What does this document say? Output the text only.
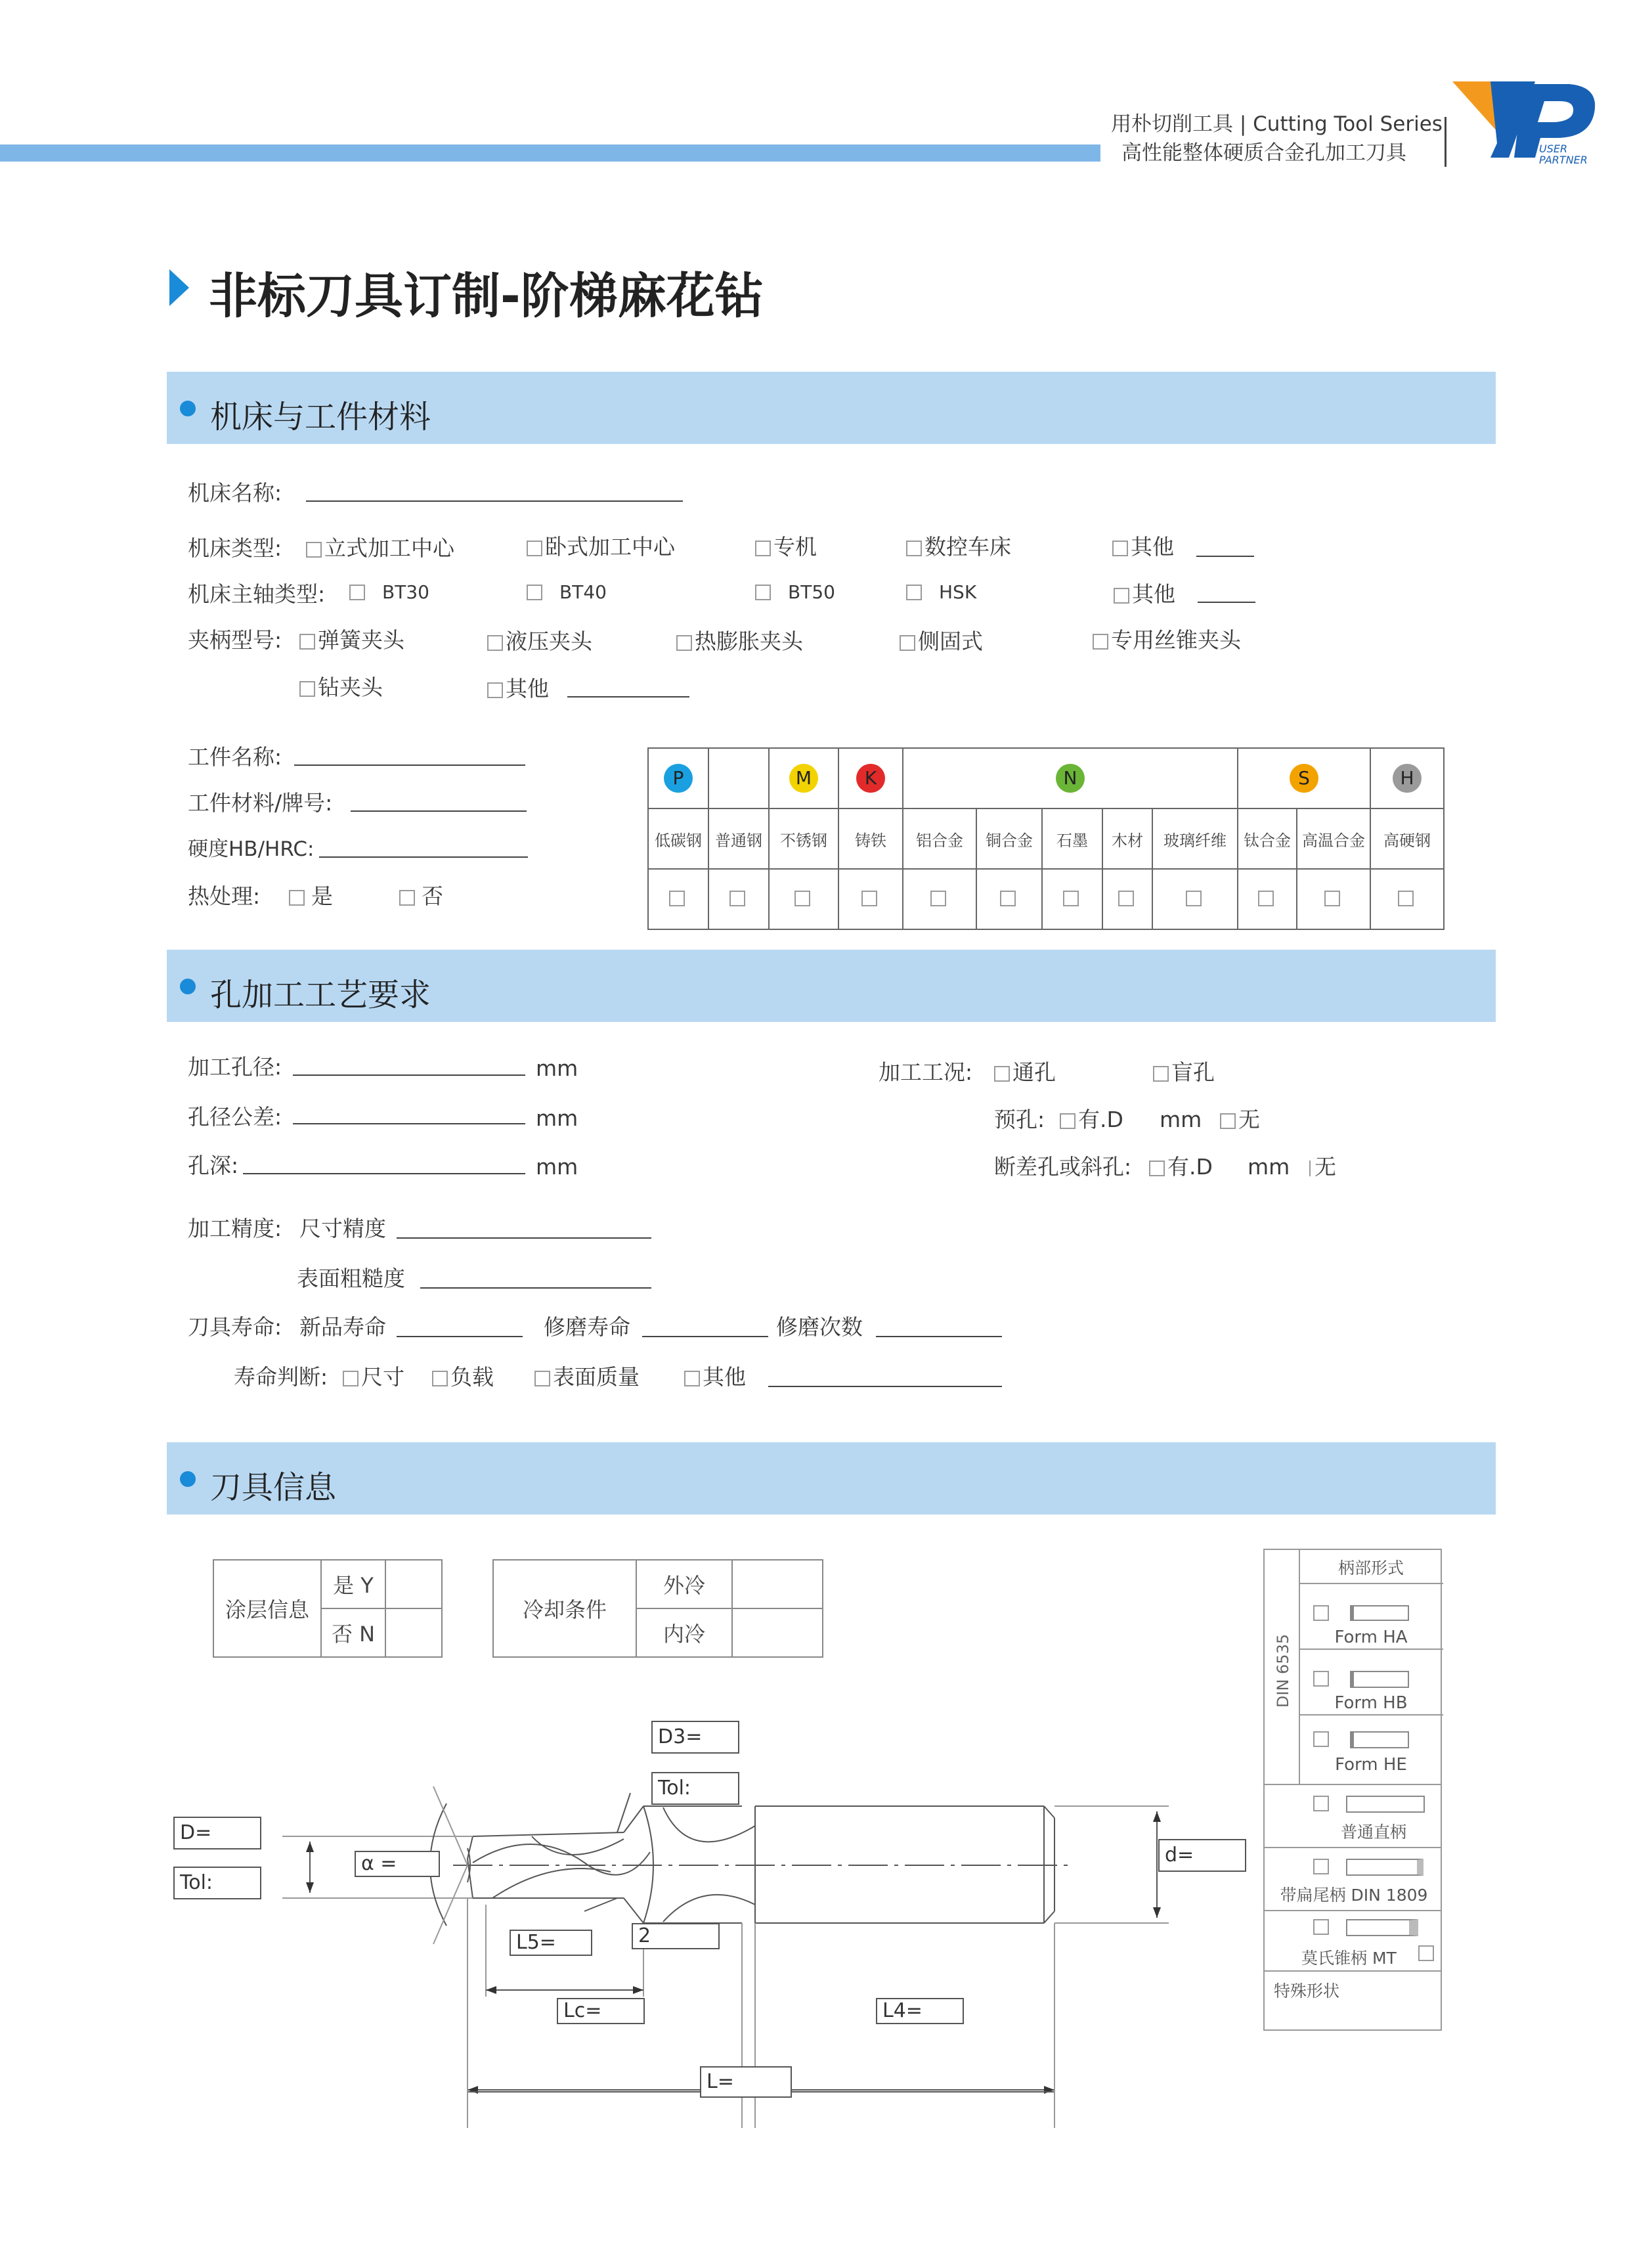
用朴切削工具 | Cutting Tool Series
高性能整体硬质合金孔加工刀具	USER PARTNER
非标刀具订制-阶梯麻花钻
机床与工件材料
机床名称:
机床类型:	立式加工中心	卧式加工中心	专机	数控车床	其他
机床主轴类型:	BT30	BT40	BT50	HSK	其他
夹柄型号:	弹簧夹头	液压夹头	热膨胀夹头	侧固式	专用丝锥夹头
钻夹头	其他
工件名称:
工件材料/牌号:
硬度HB/HRC:
热处理:	是	否
P		M	K	N					S		H
低碳钢	普通钢	不锈钢	铸铁	铝合金	铜合金	石墨	木材	玻璃纤维	钛合金	高温合金	高硬钢

孔加工工艺要求
加工孔径:	mm
孔径公差:	mm
孔深:	mm
加工工况:	通孔	盲孔
预孔:	有.D mm	无
断差孔或斜孔:	有.D mm 无
加工精度: 尺寸精度
表面粗糙度
刀具寿命: 新品寿命	修磨寿命	修磨次数
寿命判断:	尺寸	负载	表面质量	其他
刀具信息
涂层信息	是 Y	
	否 N	
冷却条件	外冷	
	内冷	
D=
Tol:
α =
D3=
Tol:
d=
L5=	2
Lc=	L4=
L=
DIN 6535
柄部形式
Form HA
Form HB
Form HE
普通直柄
带扁尾柄 DIN 1809
莫氏锥柄 MT
特殊形状
